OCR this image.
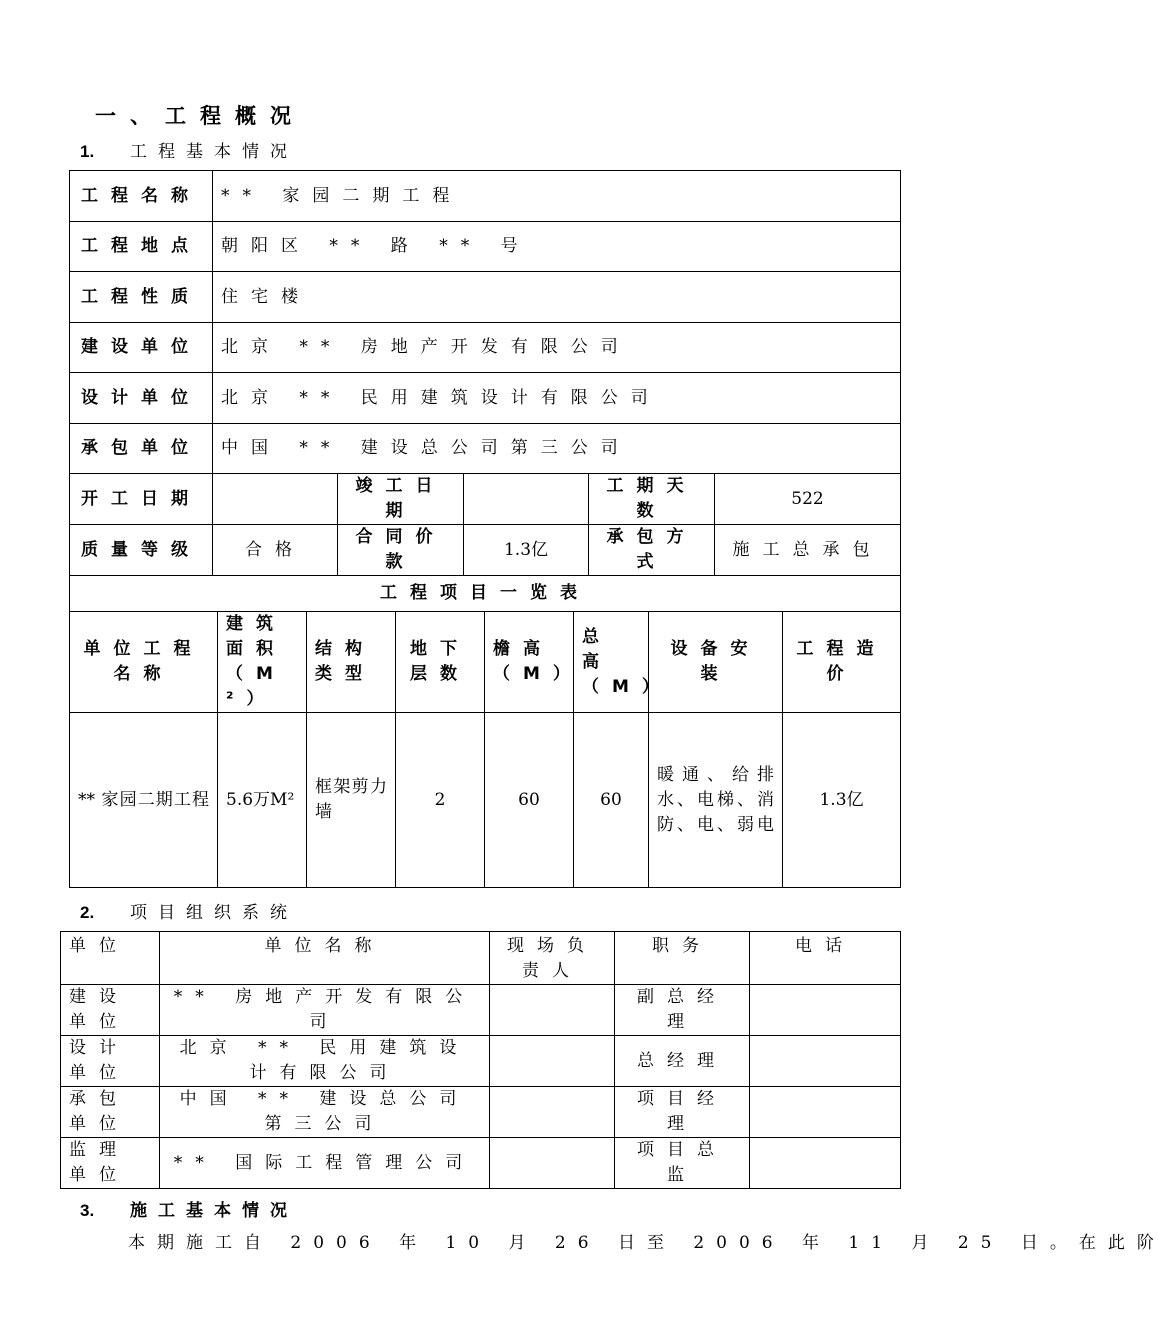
一、工程概况
1. 工程基本情况
工程名称	** 家园二期工程				
工程地点	朝阳区 ** 路 ** 号				
工程性质	住宅楼				
建设单位	北京 ** 房地产开发有限公司				
设计单位	北京 ** 民用建筑设计有限公司				
承包单位	中国 ** 建设总公司第三公司				
开工日期		竣工日期		工期天数	522
质量等级	合格	合同价款	1.3亿	承包方式	施工总承包
工程项目一览表							
单位工程名称	建筑面积（M²）	结构类型	地下层数	檐高（M）	总高（M）	设备安装	工程造价
** 家园二期工程	5.6万M²	框架剪力墙	2	60	60	暖通、给排水、电梯、消防、电、弱电	1.3亿
2. 项目组织系统
单位	单位名称	现场负责人	职务	电话
建设单位	** 房地产开发有限公司		副总经理	
设计单位	北京 ** 民用建筑设计有限公司		总经理	
承包单位	中国 ** 建设总公司第三公司		项目经理	
监理单位	** 国际工程管理公司		项目总监	
3. 施工基本情况
本期施工自 2006 年 10 月 26 日至 2006 年 11 月 25 日。在此阶
